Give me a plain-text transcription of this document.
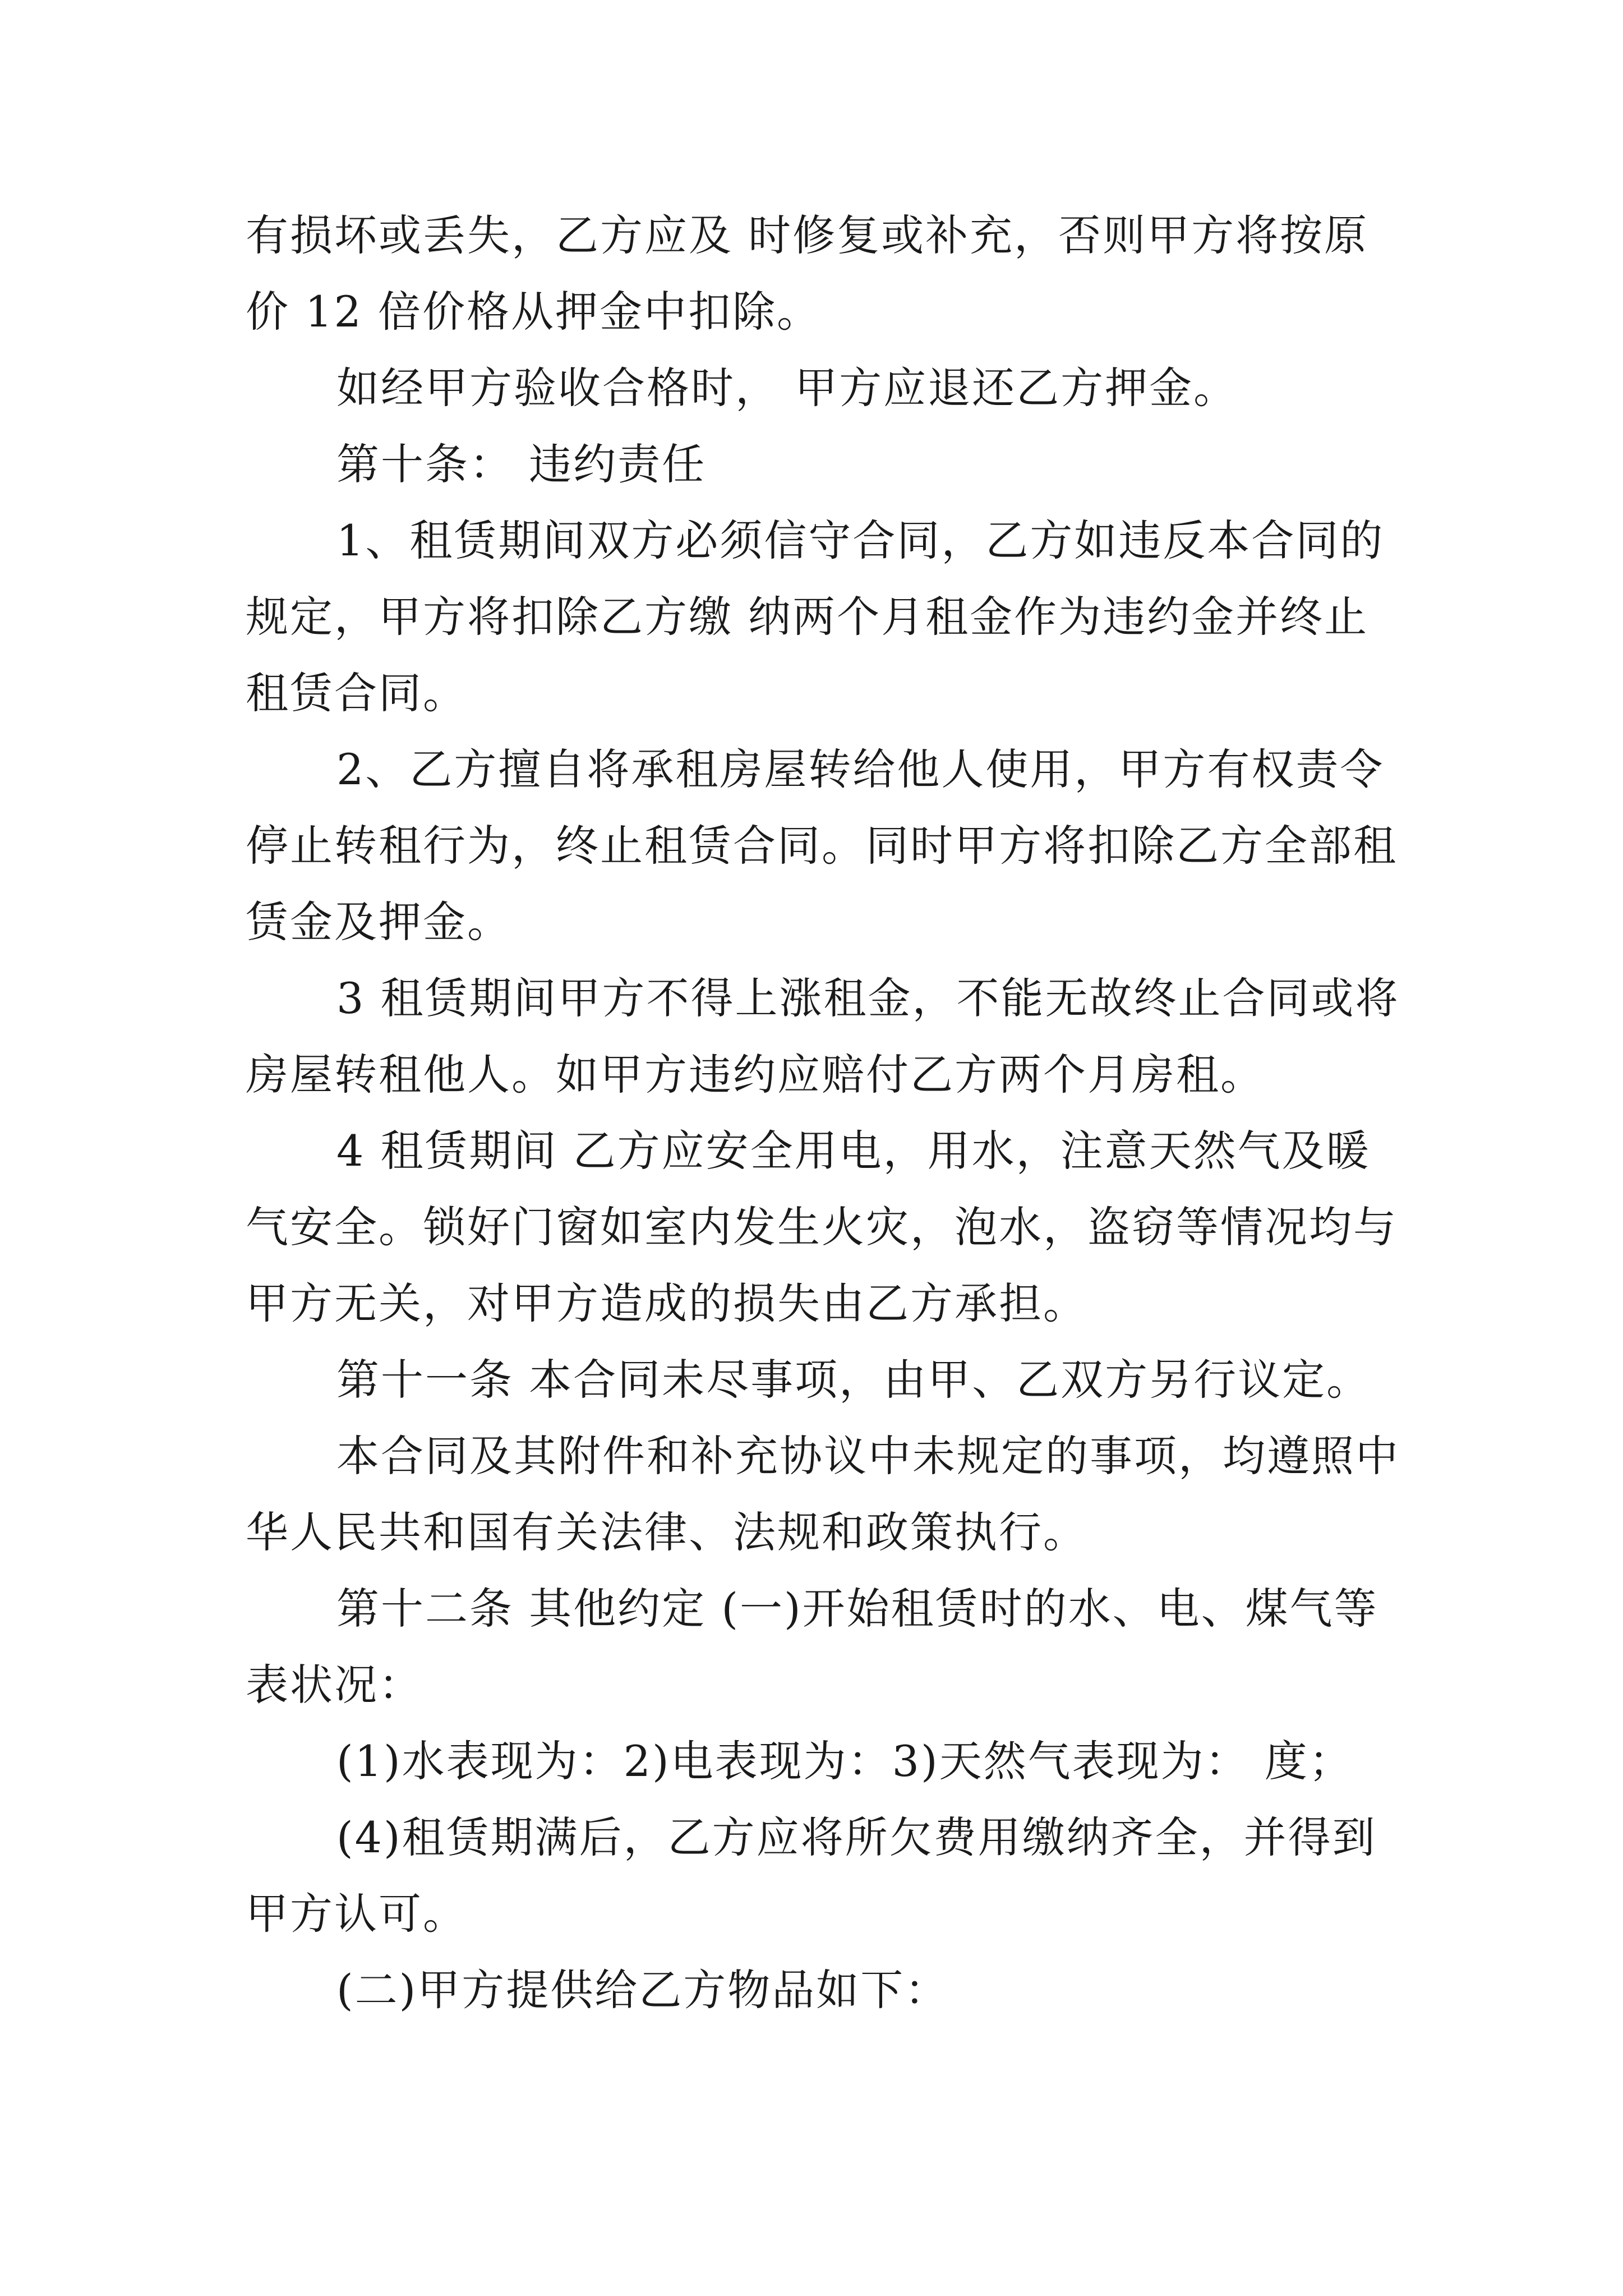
有损坏或丢失，乙方应及 时修复或补充，否则甲方将按原
价 12 倍价格从押金中扣除。
如经甲方验收合格时， 甲方应退还乙方押金。
第十条： 违约责任
1、租赁期间双方必须信守合同，乙方如违反本合同的
规定，甲方将扣除乙方缴 纳两个月租金作为违约金并终止
租赁合同。
2、乙方擅自将承租房屋转给他人使用，甲方有权责令
停止转租行为，终止租赁合同。同时甲方将扣除乙方全部租
赁金及押金。
3 租赁期间甲方不得上涨租金，不能无故终止合同或将
房屋转租他人。如甲方违约应赔付乙方两个月房租。
4 租赁期间 乙方应安全用电，用水，注意天然气及暖
气安全。锁好门窗如室内发生火灾，泡水，盗窃等情况均与
甲方无关，对甲方造成的损失由乙方承担。
第十一条 本合同未尽事项，由甲、乙双方另行议定。
本合同及其附件和补充协议中未规定的事项，均遵照中
华人民共和国有关法律、法规和政策执行。
第十二条 其他约定 (一)开始租赁时的水、电、煤气等
表状况：
(1)水表现为：2)电表现为：3)天然气表现为： 度；
(4)租赁期满后，乙方应将所欠费用缴纳齐全，并得到
甲方认可。
(二)甲方提供给乙方物品如下：
